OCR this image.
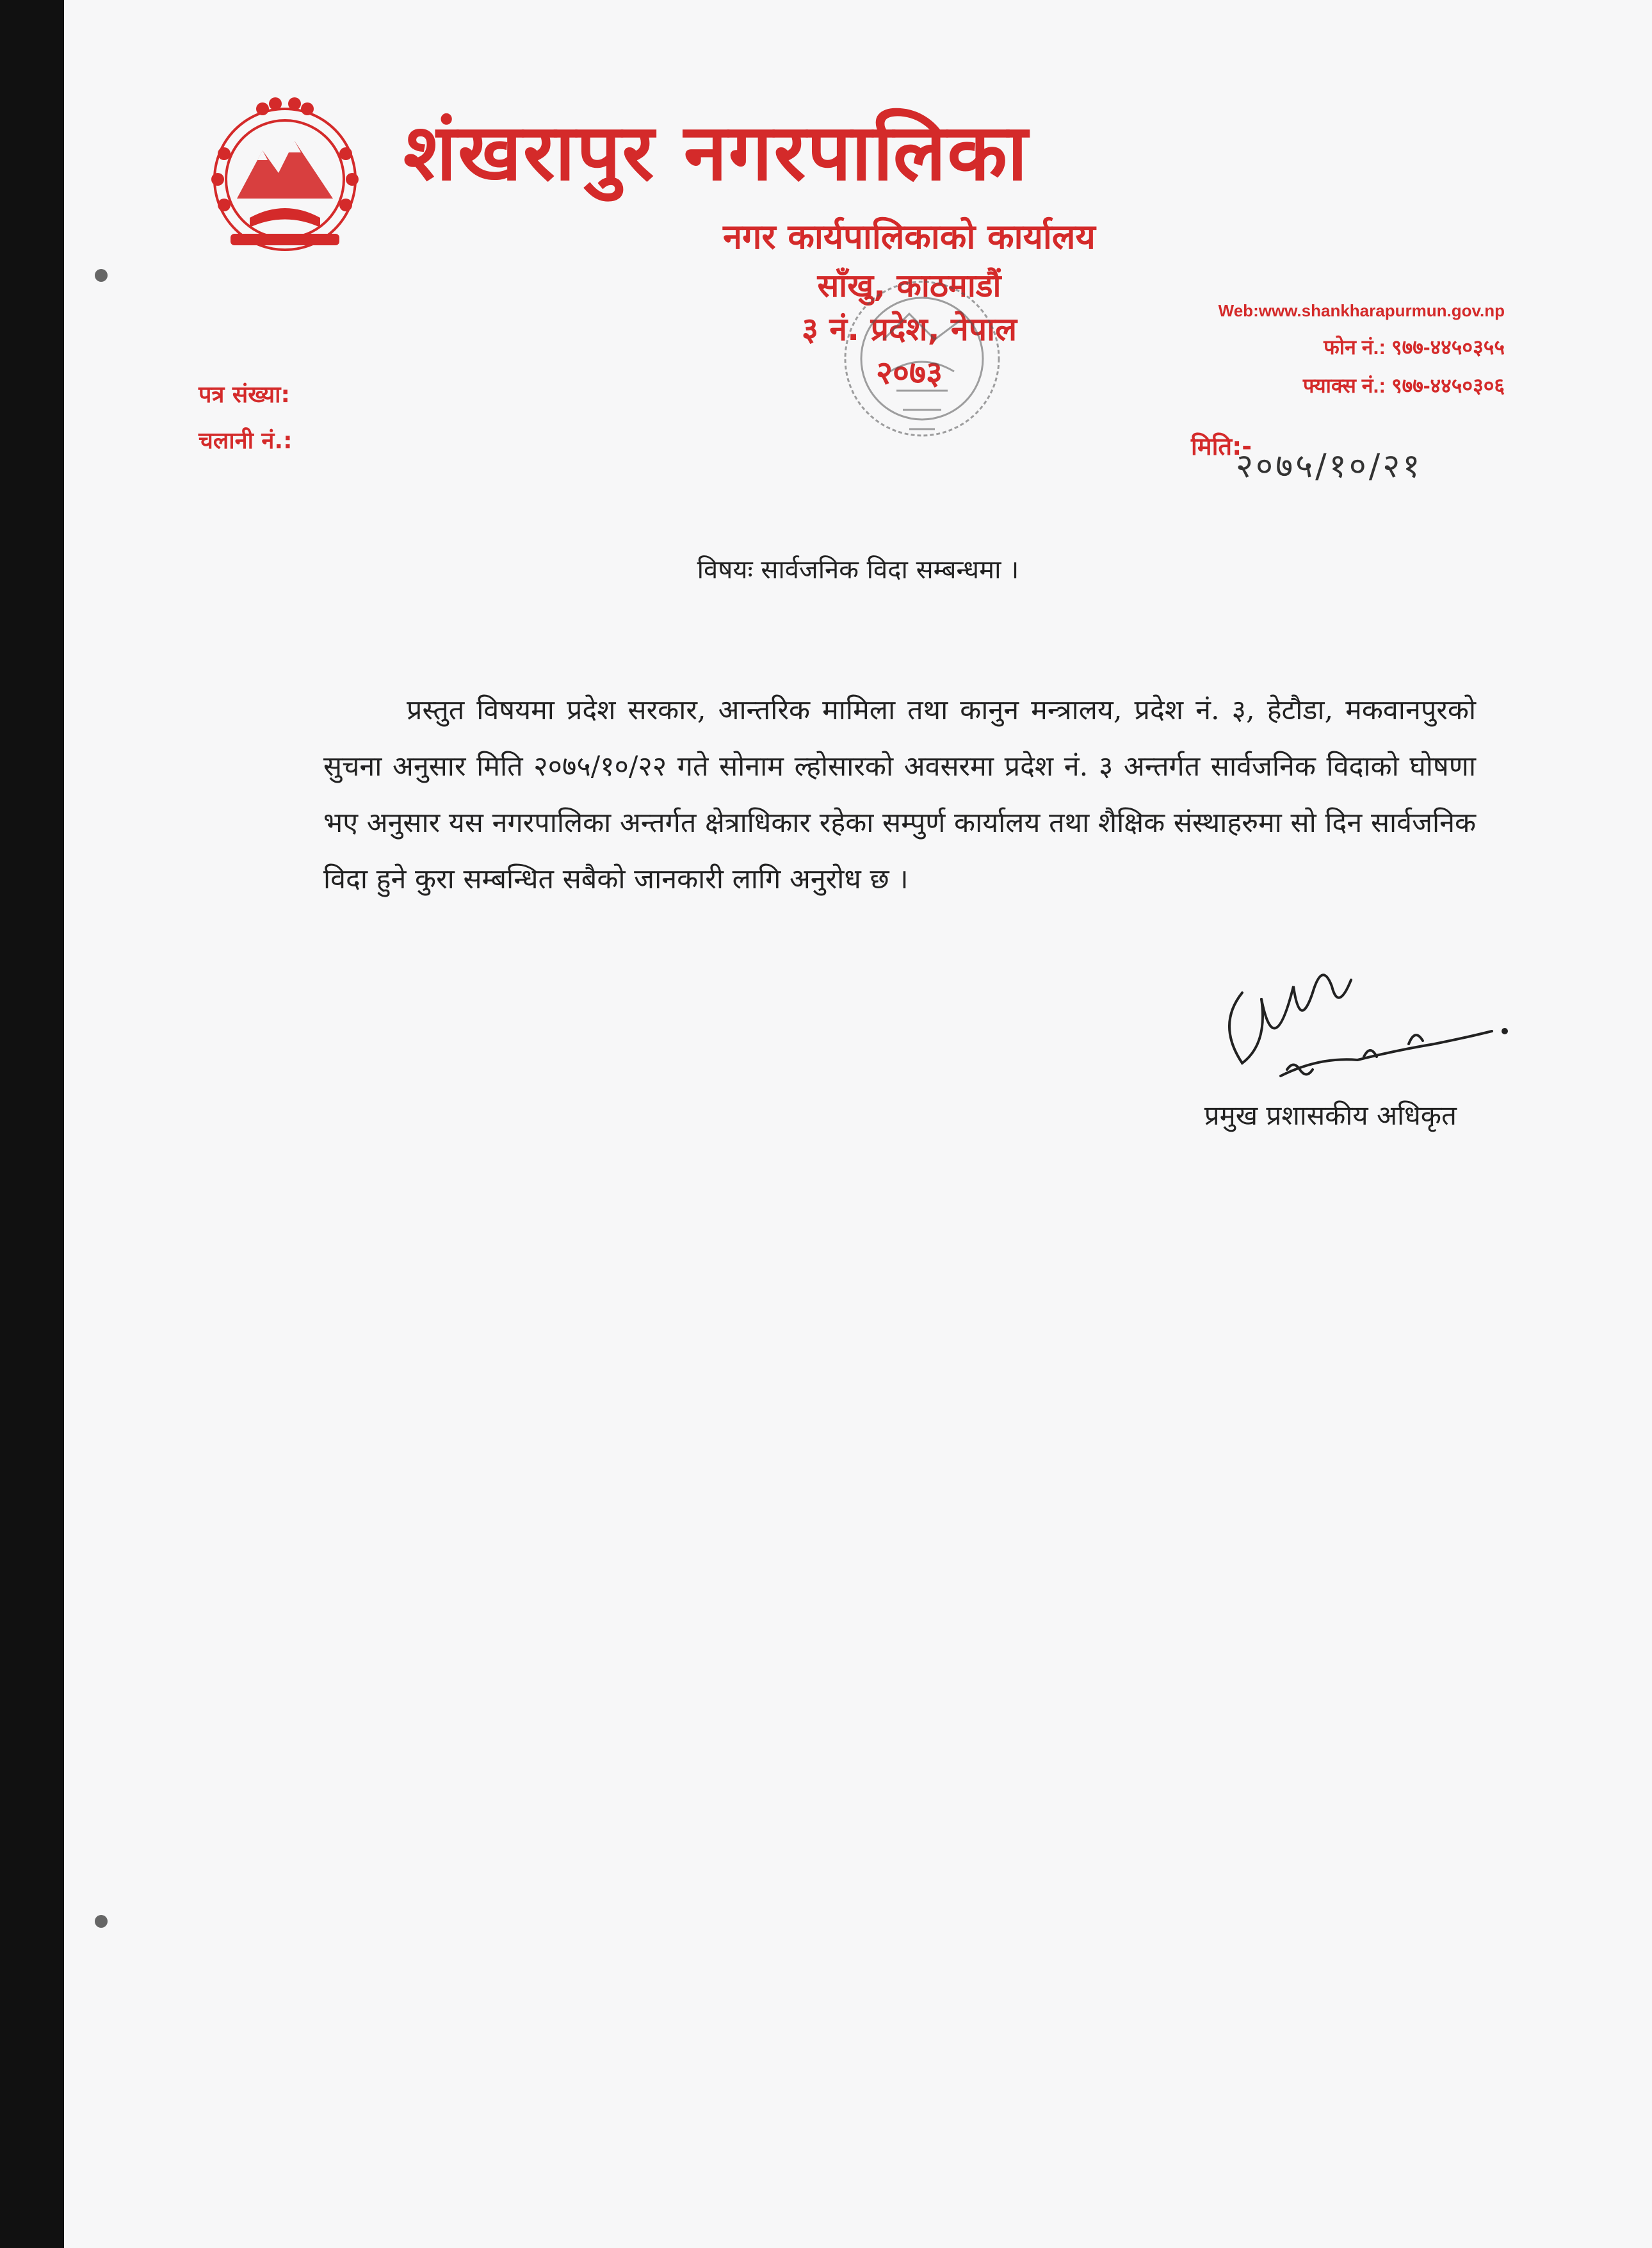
शंखरापुर नगरपालिका
नगर कार्यपालिकाको कार्यालय
साँखु, काठमाडौं
३ नं. प्रदेश, नेपाल
२०७३
Web:www.shankharapurmun.gov.np
फोन नं.: ९७७-४४५०३५५
फ्याक्स नं.: ९७७-४४५०३०६
पत्र संख्या:
चलानी नं.:	मिति:-
२०७५/१०/२१
विषयः सार्वजनिक विदा सम्बन्धमा ।
प्रस्तुत विषयमा प्रदेश सरकार, आन्तरिक मामिला तथा कानुन मन्त्रालय, प्रदेश नं. ३, हेटौडा, मकवानपुरको सुचना अनुसार मिति २०७५/१०/२२ गते सोनाम ल्होसारको अवसरमा प्रदेश नं. ३ अन्तर्गत सार्वजनिक विदाको घोषणा भए अनुसार यस नगरपालिका अन्तर्गत क्षेत्राधिकार रहेका सम्पुर्ण कार्यालय तथा शैक्षिक संस्थाहरुमा सो दिन सार्वजनिक विदा हुने कुरा सम्बन्धित सबैको जानकारी लागि अनुरोध छ ।
प्रमुख प्रशासकीय अधिकृत
